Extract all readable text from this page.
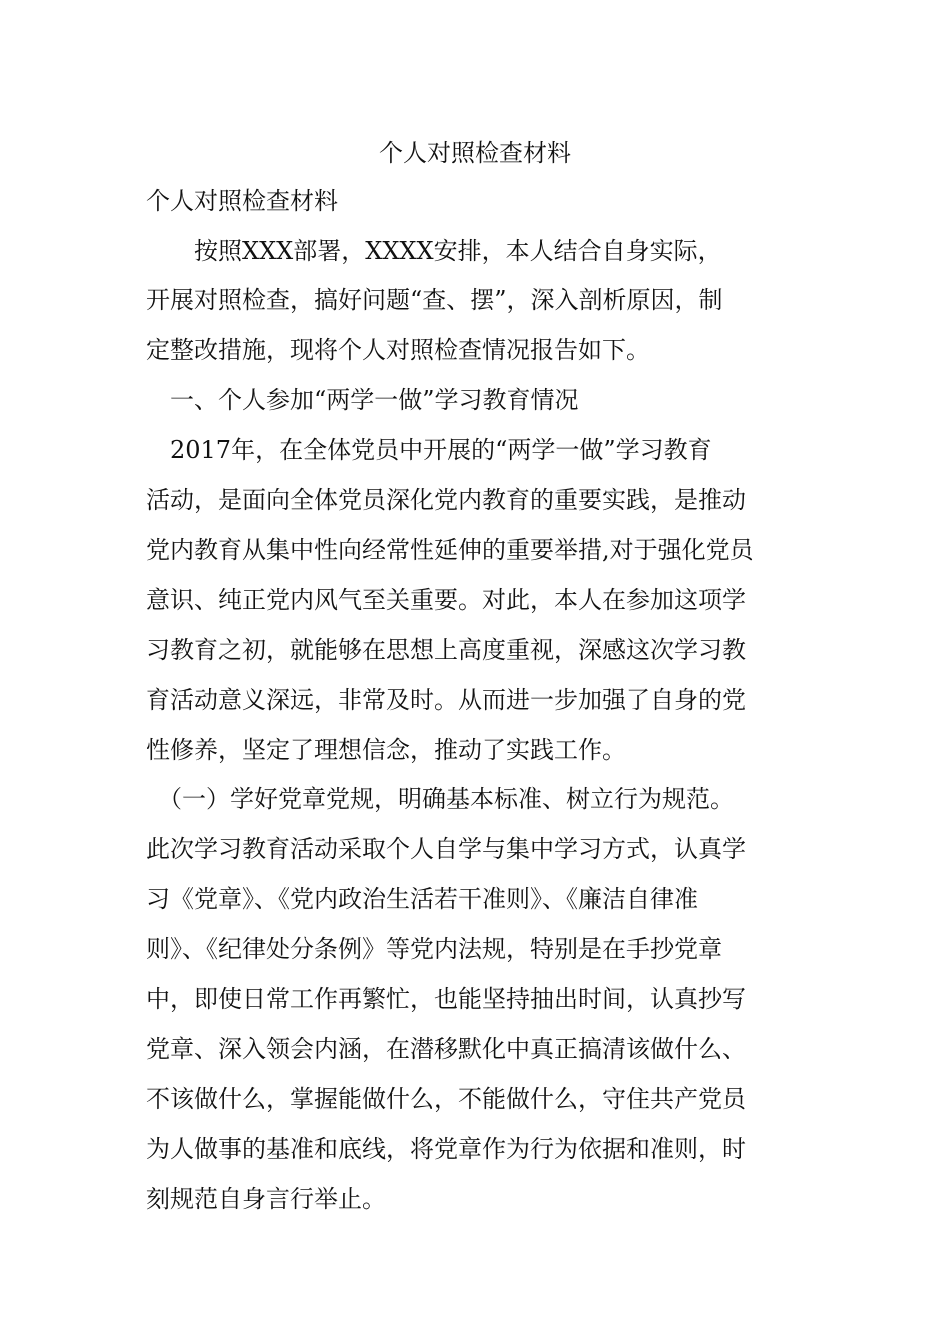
个人对照检查材料

个人对照检查材料

　　按照XXX部署，XXXX安排，本人结合自身实际，

开展对照检查，搞好问题“查、摆”，深入剖析原因，制

定整改措施，现将个人对照检查情况报告如下。

　一、个人参加“两学一做”学习教育情况

　2017年，在全体党员中开展的“两学一做”学习教育

活动，是面向全体党员深化党内教育的重要实践，是推动

党内教育从集中性向经常性延伸的重要举措,对于强化党员

意识、纯正党内风气至关重要。对此，本人在参加这项学

习教育之初，就能够在思想上高度重视，深感这次学习教

育活动意义深远，非常及时。从而进一步加强了自身的党

性修养，坚定了理想信念，推动了实践工作。

　（一）学好党章党规，明确基本标准、树立行为规范。

此次学习教育活动采取个人自学与集中学习方式，认真学

习《党章》、《党内政治生活若干准则》、《廉洁自律准

则》、《纪律处分条例》等党内法规，特别是在手抄党章

中，即使日常工作再繁忙，也能坚持抽出时间，认真抄写

党章、深入领会内涵，在潜移默化中真正搞清该做什么、

不该做什么，掌握能做什么，不能做什么，守住共产党员

为人做事的基准和底线，将党章作为行为依据和准则，时

刻规范自身言行举止。
